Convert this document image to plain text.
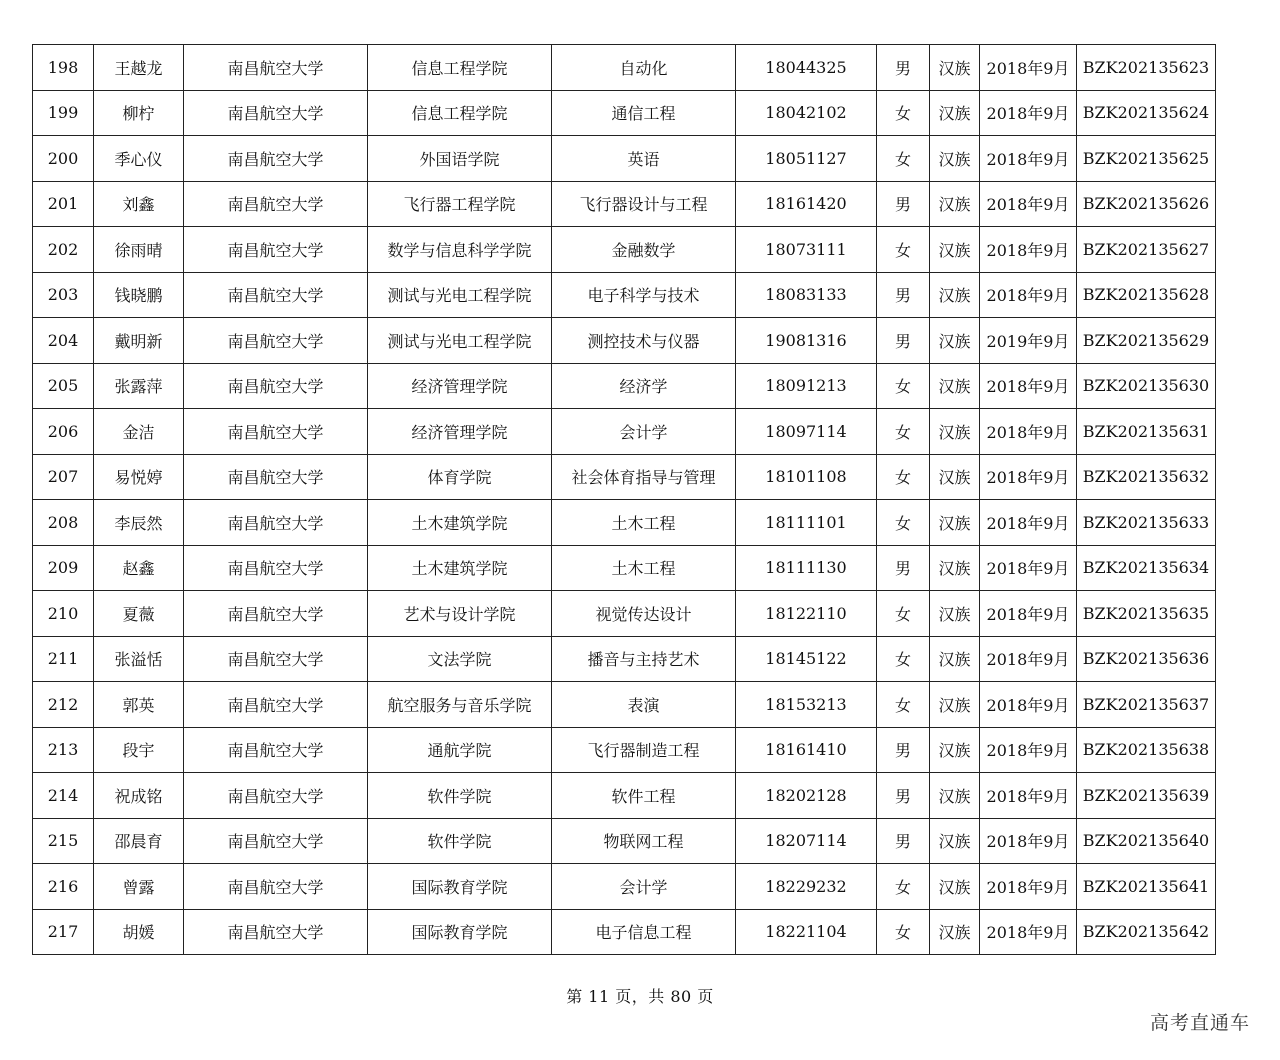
198	王越龙	南昌航空大学	信息工程学院	自动化	18044325	男	汉族	2018年9月	BZK202135623
199	柳柠	南昌航空大学	信息工程学院	通信工程	18042102	女	汉族	2018年9月	BZK202135624
200	季心仪	南昌航空大学	外国语学院	英语	18051127	女	汉族	2018年9月	BZK202135625
201	刘鑫	南昌航空大学	飞行器工程学院	飞行器设计与工程	18161420	男	汉族	2018年9月	BZK202135626
202	徐雨晴	南昌航空大学	数学与信息科学学院	金融数学	18073111	女	汉族	2018年9月	BZK202135627
203	钱晓鹏	南昌航空大学	测试与光电工程学院	电子科学与技术	18083133	男	汉族	2018年9月	BZK202135628
204	戴明新	南昌航空大学	测试与光电工程学院	测控技术与仪器	19081316	男	汉族	2019年9月	BZK202135629
205	张露萍	南昌航空大学	经济管理学院	经济学	18091213	女	汉族	2018年9月	BZK202135630
206	金洁	南昌航空大学	经济管理学院	会计学	18097114	女	汉族	2018年9月	BZK202135631
207	易悦婷	南昌航空大学	体育学院	社会体育指导与管理	18101108	女	汉族	2018年9月	BZK202135632
208	李辰然	南昌航空大学	土木建筑学院	土木工程	18111101	女	汉族	2018年9月	BZK202135633
209	赵鑫	南昌航空大学	土木建筑学院	土木工程	18111130	男	汉族	2018年9月	BZK202135634
210	夏薇	南昌航空大学	艺术与设计学院	视觉传达设计	18122110	女	汉族	2018年9月	BZK202135635
211	张溢恬	南昌航空大学	文法学院	播音与主持艺术	18145122	女	汉族	2018年9月	BZK202135636
212	郭英	南昌航空大学	航空服务与音乐学院	表演	18153213	女	汉族	2018年9月	BZK202135637
213	段宇	南昌航空大学	通航学院	飞行器制造工程	18161410	男	汉族	2018年9月	BZK202135638
214	祝成铭	南昌航空大学	软件学院	软件工程	18202128	男	汉族	2018年9月	BZK202135639
215	邵晨育	南昌航空大学	软件学院	物联网工程	18207114	男	汉族	2018年9月	BZK202135640
216	曾露	南昌航空大学	国际教育学院	会计学	18229232	女	汉族	2018年9月	BZK202135641
217	胡媛	南昌航空大学	国际教育学院	电子信息工程	18221104	女	汉族	2018年9月	BZK202135642
第 11 页，共 80 页
高考直通车
